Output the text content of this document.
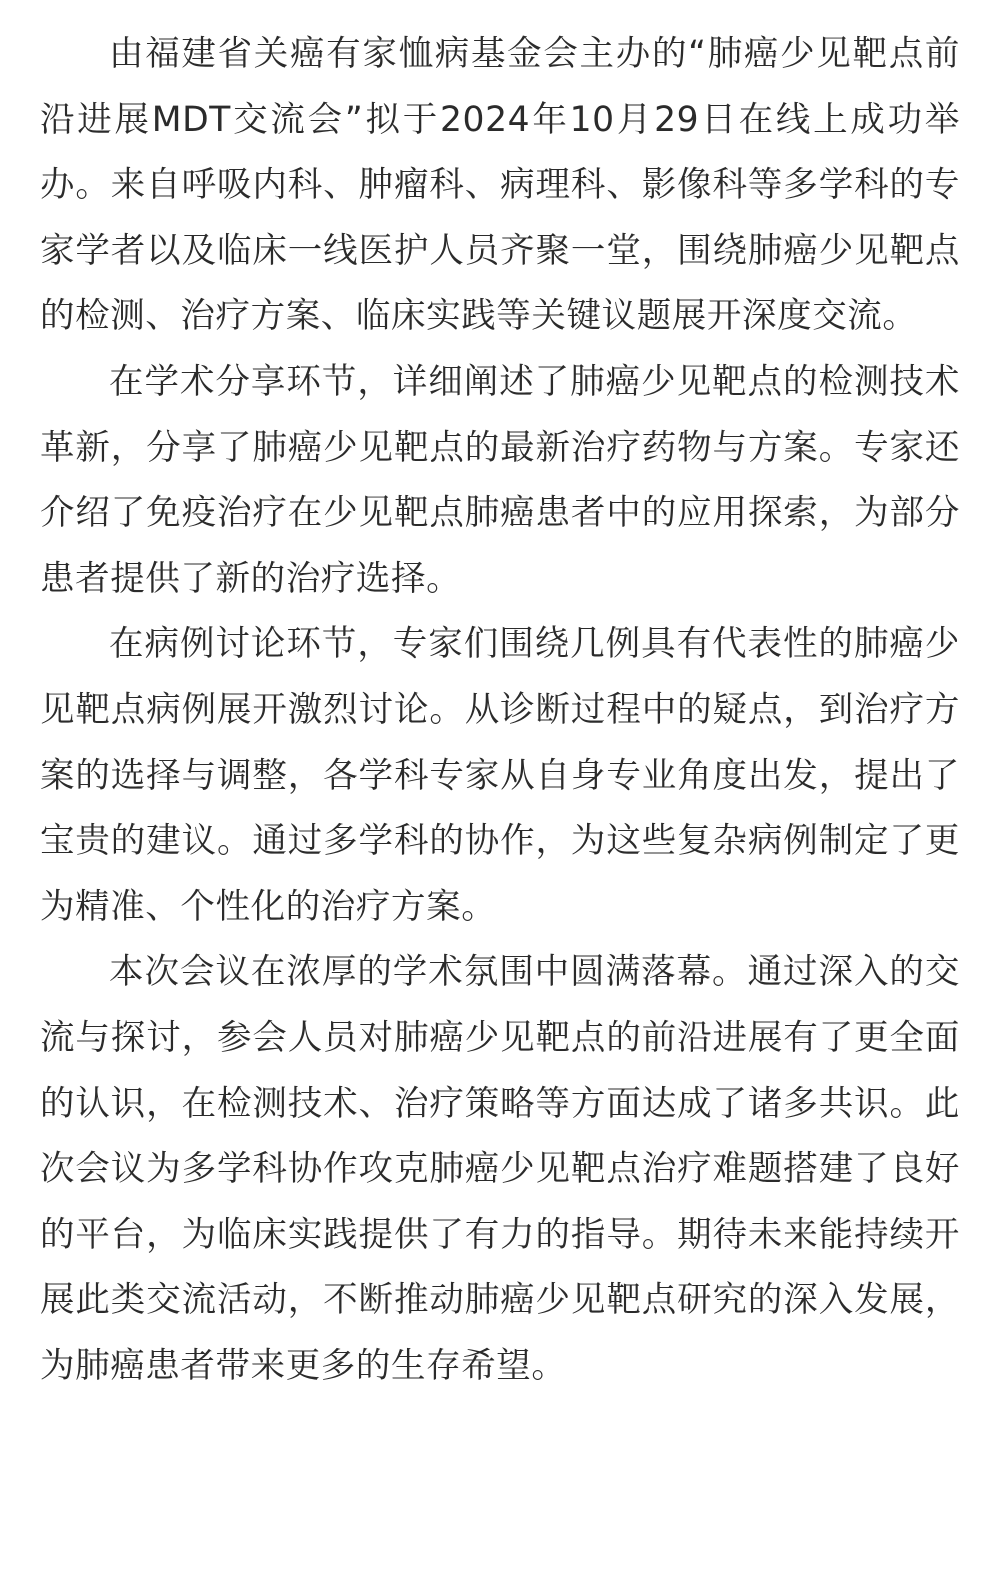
由福建省关癌有家恤病基金会主办的“肺癌少见靶点前沿进展MDT交流会”拟于2024年10月29日在线上成功举办。来自呼吸内科、肿瘤科、病理科、影像科等多学科的专家学者以及临床一线医护人员齐聚一堂，围绕肺癌少见靶点的检测、治疗方案、临床实践等关键议题展开深度交流。

在学术分享环节，详细阐述了肺癌少见靶点的检测技术革新，分享了肺癌少见靶点的最新治疗药物与方案。专家还介绍了免疫治疗在少见靶点肺癌患者中的应用探索，为部分患者提供了新的治疗选择。

在病例讨论环节，专家们围绕几例具有代表性的肺癌少见靶点病例展开激烈讨论。从诊断过程中的疑点，到治疗方案的选择与调整，各学科专家从自身专业角度出发，提出了宝贵的建议。通过多学科的协作，为这些复杂病例制定了更为精准、个性化的治疗方案。

本次会议在浓厚的学术氛围中圆满落幕。通过深入的交流与探讨，参会人员对肺癌少见靶点的前沿进展有了更全面的认识，在检测技术、治疗策略等方面达成了诸多共识。此次会议为多学科协作攻克肺癌少见靶点治疗难题搭建了良好的平台，为临床实践提供了有力的指导。期待未来能持续开展此类交流活动，不断推动肺癌少见靶点研究的深入发展，为肺癌患者带来更多的生存希望。
